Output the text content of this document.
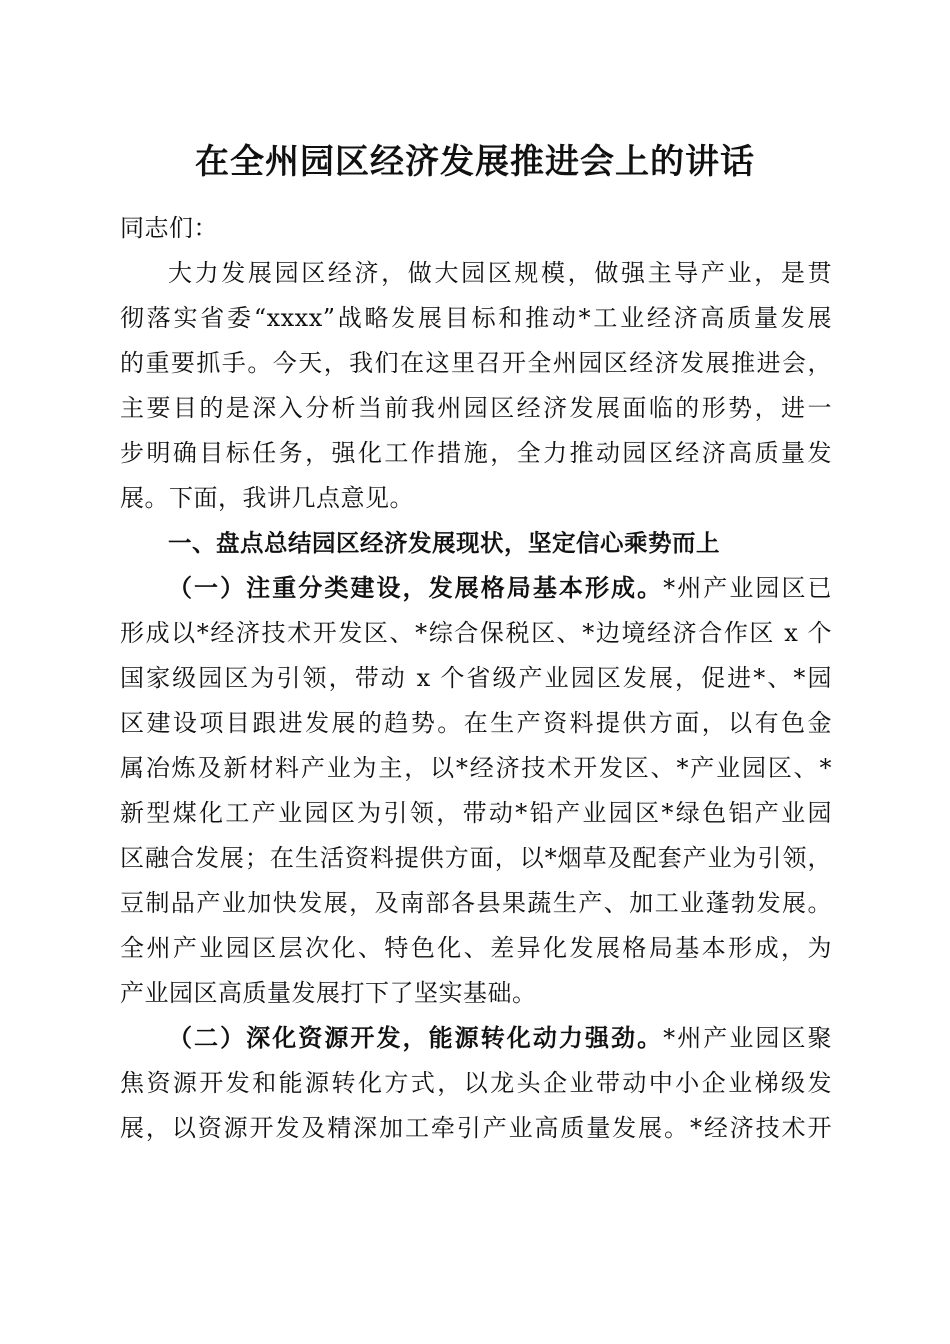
在全州园区经济发展推进会上的讲话
同志们：
大力发展园区经济，做大园区规模，做强主导产业，是贯
彻落实省委“xxxx”战略发展目标和推动*工业经济高质量发展
的重要抓手。今天，我们在这里召开全州园区经济发展推进会，
主要目的是深入分析当前我州园区经济发展面临的形势，进一
步明确目标任务，强化工作措施，全力推动园区经济高质量发
展。下面，我讲几点意见。
一、盘点总结园区经济发展现状，坚定信心乘势而上
（一）注重分类建设，发展格局基本形成。*州产业园区已
形成以*经济技术开发区、*综合保税区、*边境经济合作区 x 个
国家级园区为引领，带动 x 个省级产业园区发展，促进*、*园
区建设项目跟进发展的趋势。在生产资料提供方面，以有色金
属冶炼及新材料产业为主，以*经济技术开发区、*产业园区、*
新型煤化工产业园区为引领，带动*铅产业园区*绿色铝产业园
区融合发展；在生活资料提供方面，以*烟草及配套产业为引领，
豆制品产业加快发展，及南部各县果蔬生产、加工业蓬勃发展。
全州产业园区层次化、特色化、差异化发展格局基本形成，为
产业园区高质量发展打下了坚实基础。
（二）深化资源开发，能源转化动力强劲。*州产业园区聚
焦资源开发和能源转化方式，以龙头企业带动中小企业梯级发
展，以资源开发及精深加工牵引产业高质量发展。*经济技术开
